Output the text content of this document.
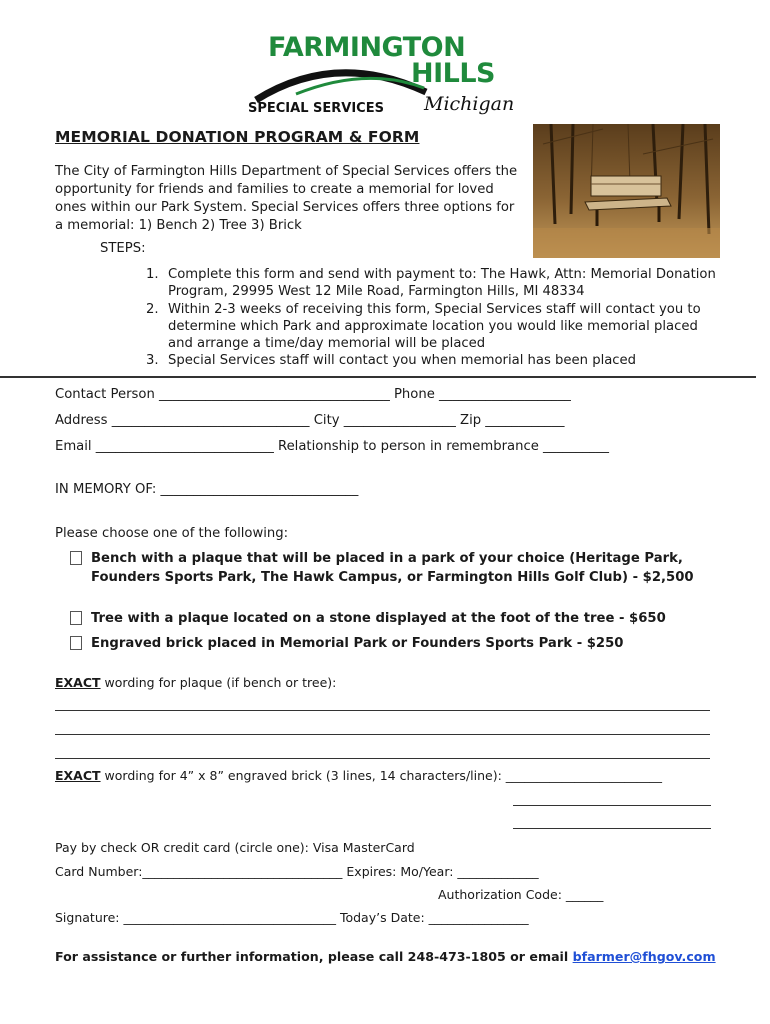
FARMINGTON
HILLS
SPECIAL SERVICES Michigan
MEMORIAL DONATION PROGRAM & FORM
The City of Farmington Hills Department of Special Services offers the opportunity for friends and families to create a memorial for loved ones within our Park System. Special Services offers three options for a memorial: 1) Bench 2) Tree 3) Brick
STEPS:
1. Complete this form and send with payment to: The Hawk, Attn: Memorial Donation Program, 29995 West 12 Mile Road, Farmington Hills, MI 48334
2. Within 2-3 weeks of receiving this form, Special Services staff will contact you to determine which Park and approximate location you would like memorial placed and arrange a time/day memorial will be placed
3. Special Services staff will contact you when memorial has been placed
Contact Person ___________________________________ Phone ____________________
Address ______________________________ City _________________ Zip ____________
Email ___________________________ Relationship to person in remembrance __________
IN MEMORY OF: ______________________________
Please choose one of the following:
Bench with a plaque that will be placed in a park of your choice (Heritage Park, Founders Sports Park, The Hawk Campus, or Farmington Hills Golf Club) - $2,500
Tree with a plaque located on a stone displayed at the foot of the tree - $650
Engraved brick placed in Memorial Park or Founders Sports Park - $250
EXACT wording for plaque (if bench or tree):
EXACT wording for 4” x 8” engraved brick (3 lines, 14 characters/line): _________________________
Pay by check OR credit card (circle one): Visa MasterCard
Card Number:________________________________ Expires: Mo/Year: _____________
Authorization Code: ______
Signature: __________________________________ Today’s Date: ________________
For assistance or further information, please call 248-473-1805 or email bfarmer@fhgov.com
